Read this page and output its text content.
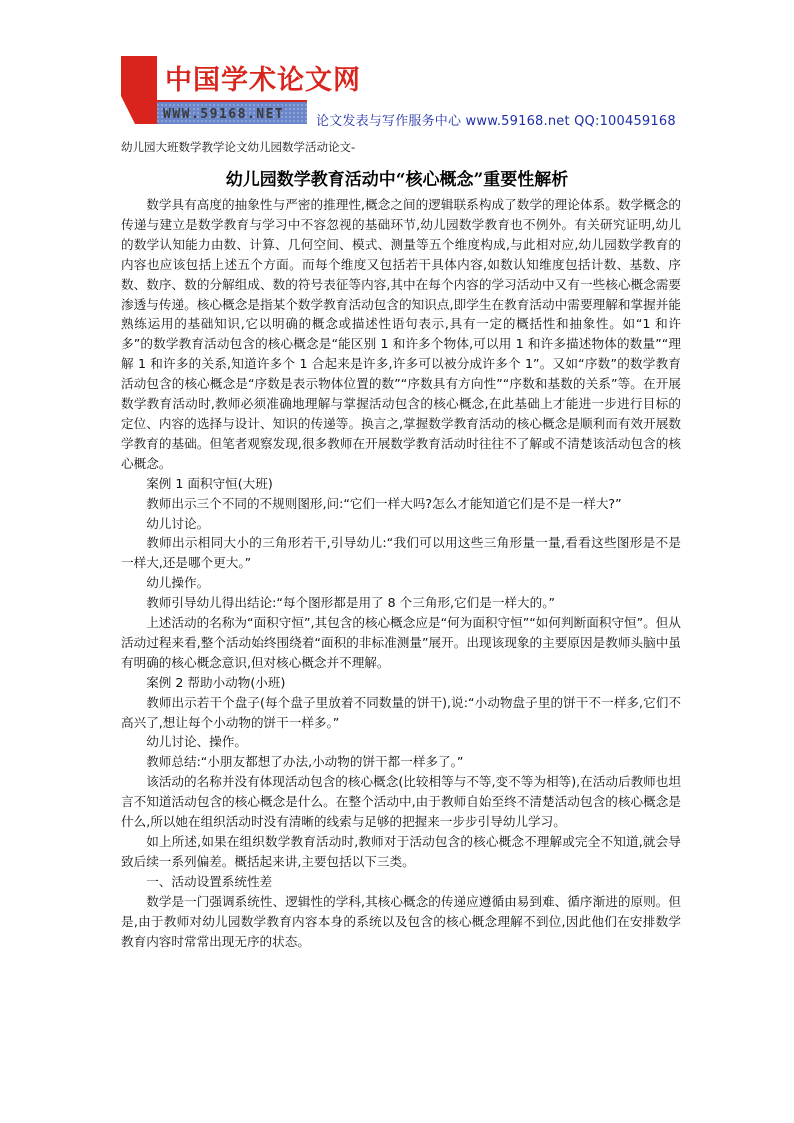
中国学术论文网
WWW.59168.NET 论文发表与写作服务中心 www.59168.net QQ:100459168
幼儿园大班数学教学论文幼儿园数学活动论文-
幼儿园数学教育活动中“核心概念”重要性解析

数学具有高度的抽象性与严密的推理性,概念之间的逻辑联系构成了数学的理论体系。数学概念的传递与建立是数学教育与学习中不容忽视的基础环节,幼儿园数学教育也不例外。有关研究证明,幼儿的数学认知能力由数、计算、几何空间、模式、测量等五个维度构成,与此相对应,幼儿园数学教育的内容也应该包括上述五个方面。而每个维度又包括若干具体内容,如数认知维度包括计数、基数、序数、数序、数的分解组成、数的符号表征等内容,其中在每个内容的学习活动中又有一些核心概念需要渗透与传递。核心概念是指某个数学教育活动包含的知识点,即学生在教育活动中需要理解和掌握并能熟练运用的基础知识,它以明确的概念或描述性语句表示,具有一定的概括性和抽象性。如“1 和许多”的数学教育活动包含的核心概念是“能区别 1 和许多个物体,可以用 1 和许多描述物体的数量”“理解 1 和许多的关系,知道许多个 1 合起来是许多,许多可以被分成许多个 1”。又如“序数”的数学教育活动包含的核心概念是“序数是表示物体位置的数”“序数具有方向性”“序数和基数的关系”等。在开展数学教育活动时,教师必须准确地理解与掌握活动包含的核心概念,在此基础上才能进一步进行目标的定位、内容的选择与设计、知识的传递等。换言之,掌握数学教育活动的核心概念是顺利而有效开展数学教育的基础。但笔者观察发现,很多教师在开展数学教育活动时往往不了解或不清楚该活动包含的核心概念。

案例 1 面积守恒(大班)

教师出示三个不同的不规则图形,问:“它们一样大吗?怎么才能知道它们是不是一样大?”

幼儿讨论。

教师出示相同大小的三角形若干,引导幼儿:“我们可以用这些三角形量一量,看看这些图形是不是一样大,还是哪个更大。”

幼儿操作。

教师引导幼儿得出结论:“每个图形都是用了 8 个三角形,它们是一样大的。”

上述活动的名称为“面积守恒”,其包含的核心概念应是“何为面积守恒”“如何判断面积守恒”。但从活动过程来看,整个活动始终围绕着“面积的非标准测量”展开。出现该现象的主要原因是教师头脑中虽有明确的核心概念意识,但对核心概念并不理解。

案例 2 帮助小动物(小班)

教师出示若干个盘子(每个盘子里放着不同数量的饼干),说:“小动物盘子里的饼干不一样多,它们不高兴了,想让每个小动物的饼干一样多。”

幼儿讨论、操作。

教师总结:“小朋友都想了办法,小动物的饼干都一样多了。”

该活动的名称并没有体现活动包含的核心概念(比较相等与不等,变不等为相等),在活动后教师也坦言不知道活动包含的核心概念是什么。在整个活动中,由于教师自始至终不清楚活动包含的核心概念是什么,所以她在组织活动时没有清晰的线索与足够的把握来一步步引导幼儿学习。

如上所述,如果在组织数学教育活动时,教师对于活动包含的核心概念不理解或完全不知道,就会导致后续一系列偏差。概括起来讲,主要包括以下三类。

一、活动设置系统性差

数学是一门强调系统性、逻辑性的学科,其核心概念的传递应遵循由易到难、循序渐进的原则。但是,由于教师对幼儿园数学教育内容本身的系统以及包含的核心概念理解不到位,因此他们在安排数学教育内容时常常出现无序的状态。
